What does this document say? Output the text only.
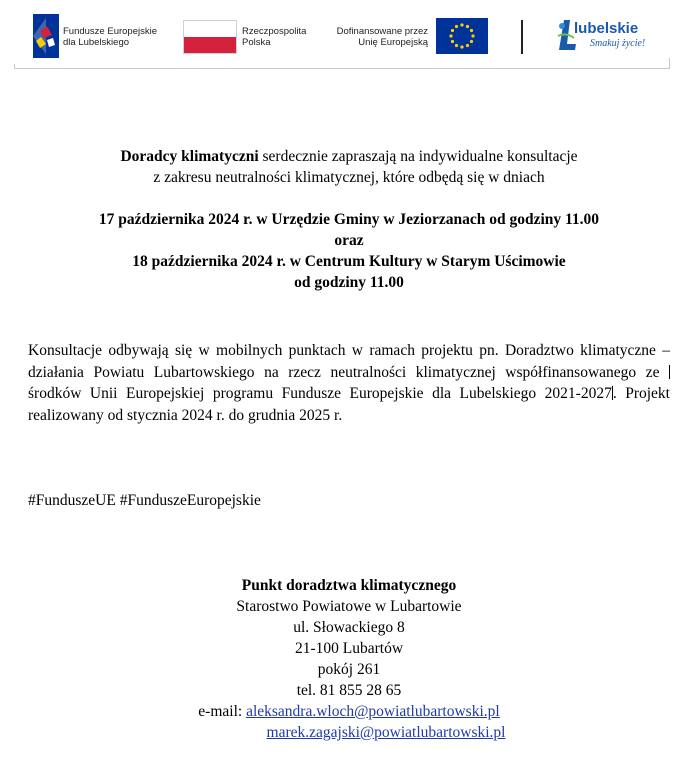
Fundusze Europejskie
dla Lubelskiego
Rzeczpospolita
Polska
Dofinansowane przez
Unię Europejską
lubelskie
Smakuj życie!
Doradcy klimatyczni serdecznie zapraszają na indywidualne konsultacje
z zakresu neutralności klimatycznej, które odbędą się w dniach
17 października 2024 r. w Urzędzie Gminy w Jeziorzanach od godziny 11.00
oraz
18 października 2024 r. w Centrum Kultury w Starym Uścimowie
od godziny 11.00
Konsultacje odbywają się w mobilnych punktach w ramach projektu pn. Doradztwo klimatyczne – działania Powiatu Lubartowskiego na rzecz neutralności klimatycznej współfinansowanego ze środków Unii Europejskiej programu Fundusze Europejskie dla Lubelskiego 2021-2027. Projekt realizowany od stycznia 2024 r. do grudnia 2025 r.
#FunduszeUE #FunduszeEuropejskie
Punkt doradztwa klimatycznego
Starostwo Powiatowe w Lubartowie
ul. Słowackiego 8
21-100 Lubartów
pokój 261
tel. 81 855 28 65
e-mail: aleksandra.wloch@powiatlubartowski.pl
marek.zagajski@powiatlubartowski.pl
